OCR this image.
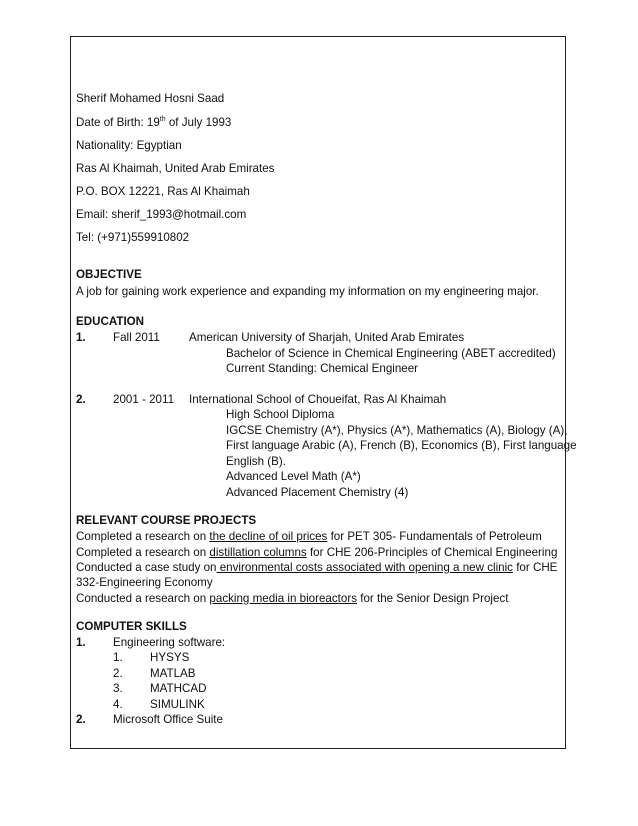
Sherif Mohamed Hosni Saad
Date of Birth: 19th of July 1993
Nationality: Egyptian
Ras Al Khaimah, United Arab Emirates
P.O. BOX 12221, Ras Al Khaimah
Email: sherif_1993@hotmail.com
Tel: (+971)559910802
OBJECTIVE
A job for gaining work experience and expanding my information on my engineering major.
EDUCATION
1. Fall 2011	American University of Sharjah, United Arab Emirates
Bachelor of Science in Chemical Engineering (ABET accredited)
Current Standing: Chemical Engineer
2. 2001 - 2011 International School of Choueifat, Ras Al Khaimah
High School Diploma
IGCSE Chemistry (A*), Physics (A*), Mathematics (A), Biology (A),
First language Arabic (A), French (B), Economics (B), First language
English (B).
Advanced Level Math (A*)
Advanced Placement Chemistry (4)
RELEVANT COURSE PROJECTS
Completed a research on the decline of oil prices for PET 305- Fundamentals of Petroleum
Completed a research on distillation columns for CHE 206-Principles of Chemical Engineering
Conducted a case study on environmental costs associated with opening a new clinic for CHE
332-Engineering Economy
Conducted a research on packing media in bioreactors for the Senior Design Project
COMPUTER SKILLS
1. Engineering software:
1. HYSYS
2. MATLAB
3. MATHCAD
4. SIMULINK
2. Microsoft Office Suite
